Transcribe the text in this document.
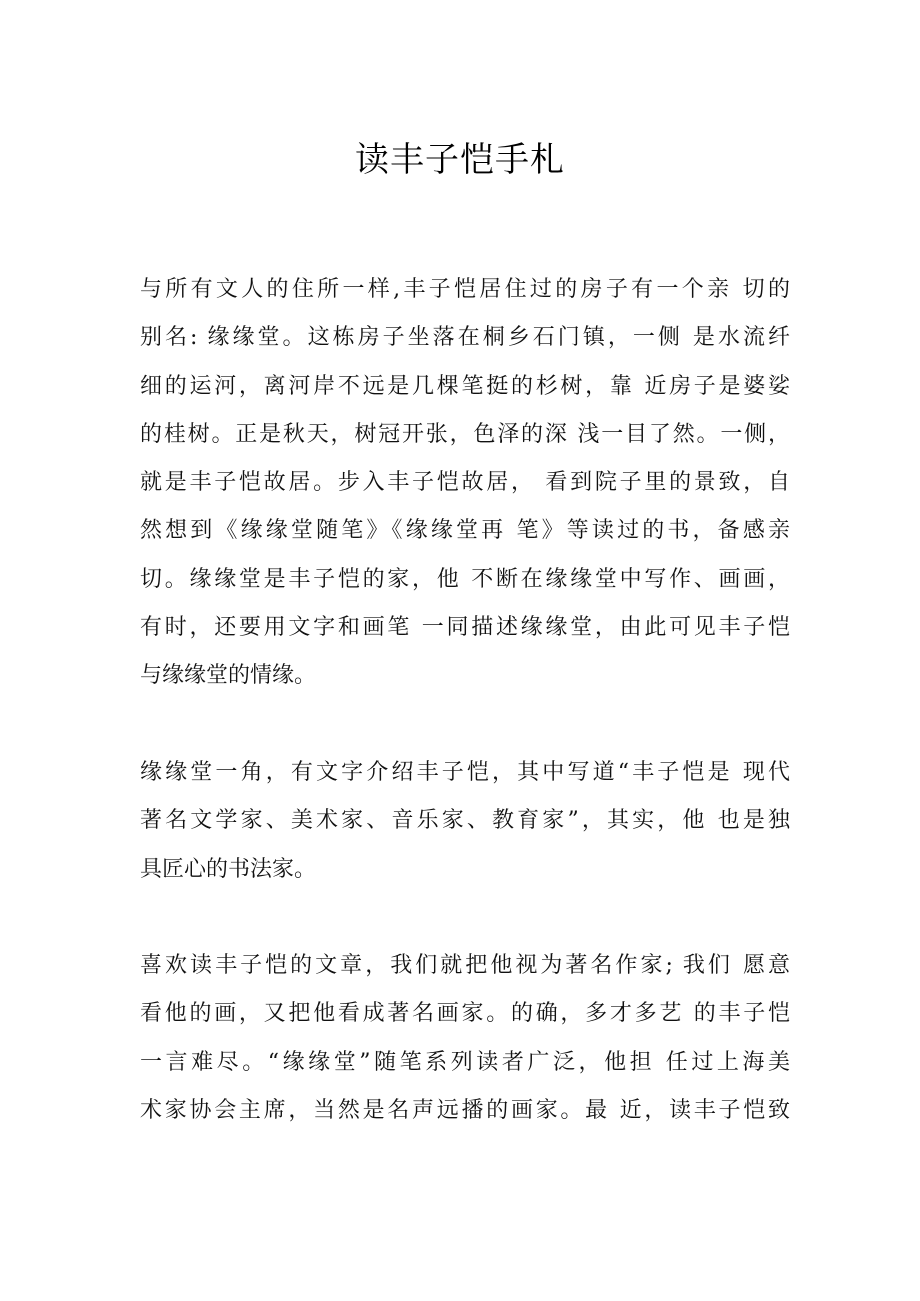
读丰子恺手札

与所有文人的住所一样,丰子恺居住过的房子有一个亲 切的
别名: 缘缘堂。这栋房子坐落在桐乡石门镇，一侧 是水流纤
细的运河，离河岸不远是几棵笔挺的杉树，靠 近房子是婆娑
的桂树。正是秋天，树冠开张，色泽的深 浅一目了然。一侧，
就是丰子恺故居。步入丰子恺故居， 看到院子里的景致，自
然想到《缘缘堂随笔》《缘缘堂再 笔》等读过的书，备感亲
切。缘缘堂是丰子恺的家，他 不断在缘缘堂中写作、画画，
有时，还要用文字和画笔 一同描述缘缘堂，由此可见丰子恺
与缘缘堂的情缘。

缘缘堂一角，有文字介绍丰子恺，其中写道“丰子恺是 现代
著名文学家、美术家、音乐家、教育家”，其实，他 也是独
具匠心的书法家。

喜欢读丰子恺的文章，我们就把他视为著名作家; 我们 愿意
看他的画，又把他看成著名画家。的确，多才多艺 的丰子恺
一言难尽。“缘缘堂”随笔系列读者广泛，他担 任过上海美
术家协会主席，当然是名声远播的画家。最 近，读丰子恺致
